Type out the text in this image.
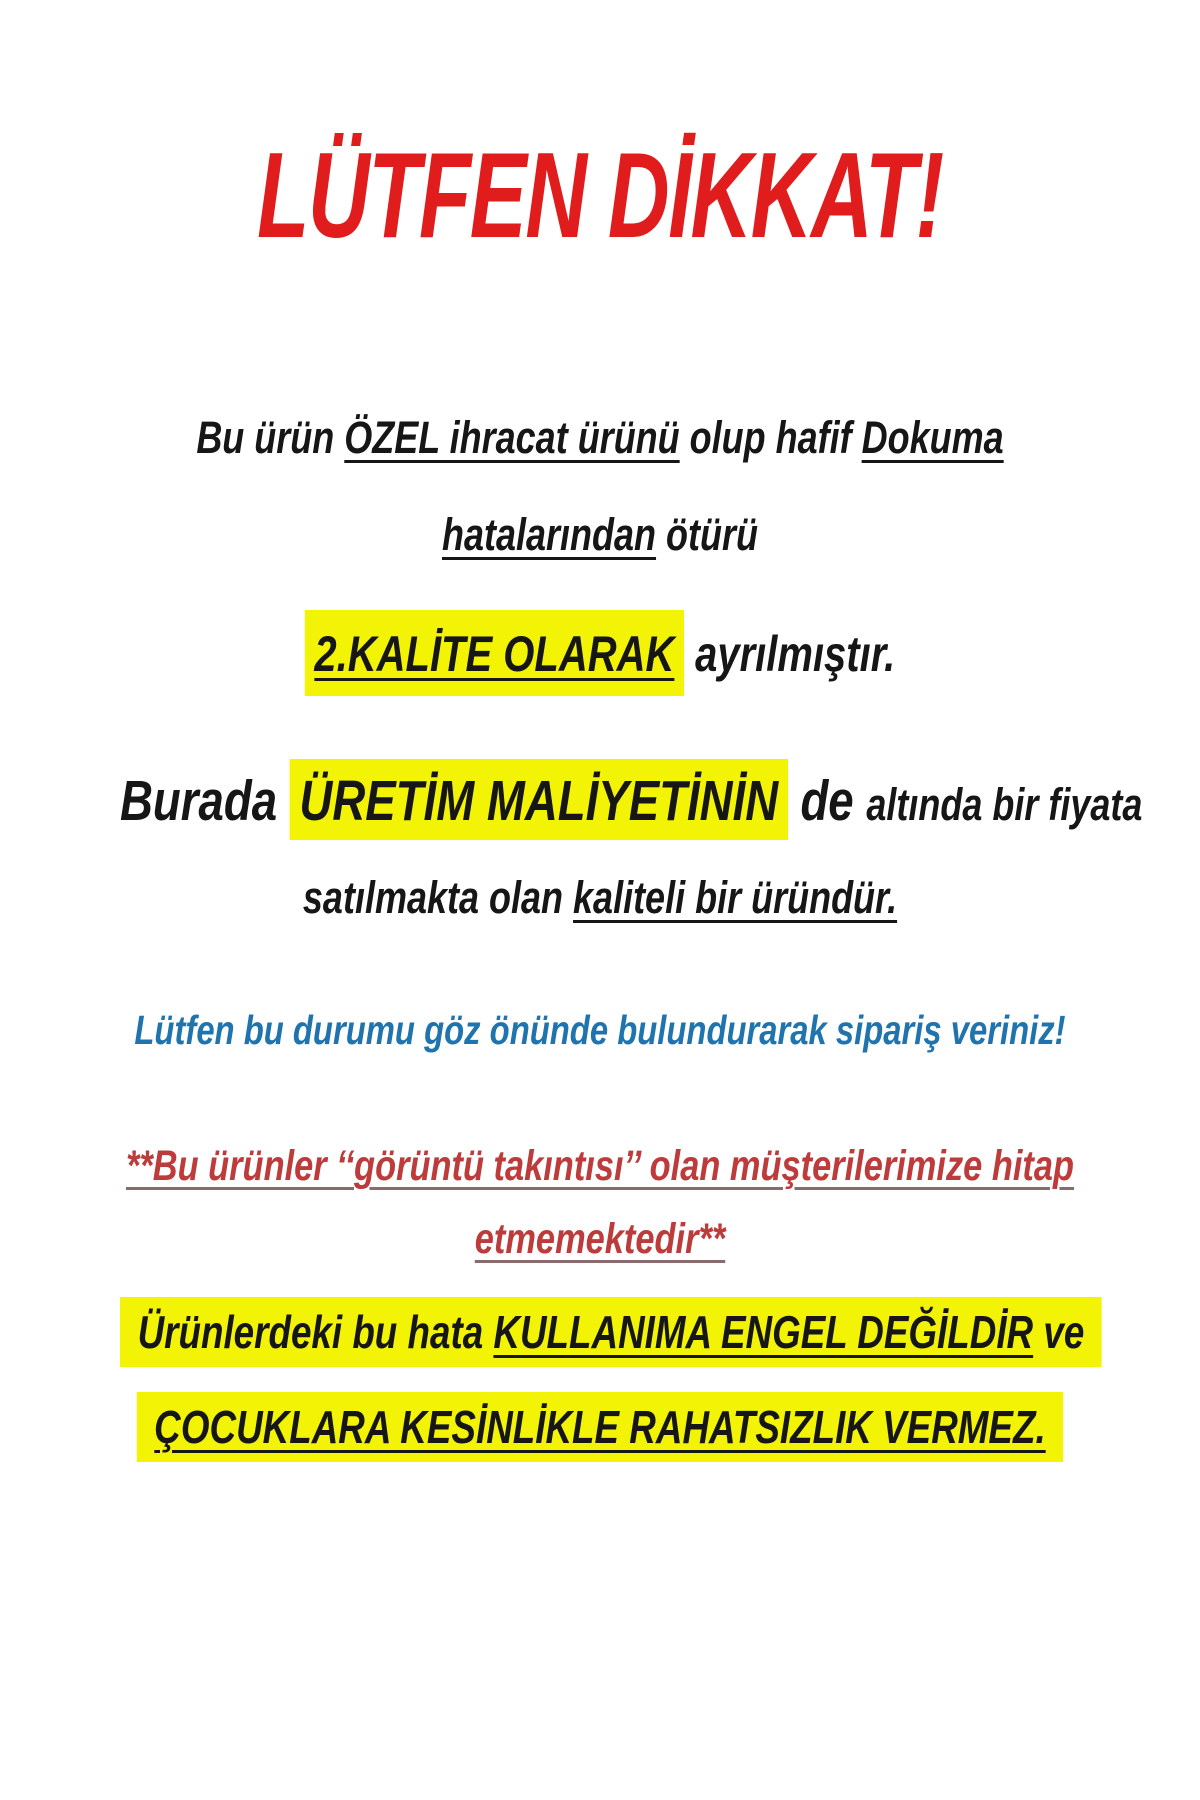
LÜTFEN DİKKAT!
Bu ürün ÖZEL ihracat ürünü olup hafif Dokuma
hatalarından ötürü
2.KALİTE OLARAK ayrılmıştır.
Burada ÜRETİM MALİYETİNİN de altında bir fiyata
satılmakta olan kaliteli bir üründür.
Lütfen bu durumu göz önünde bulundurarak sipariş veriniz!
**Bu ürünler ‘‘görüntü takıntısı’’ olan müşterilerimize hitap
etmemektedir**
Ürünlerdeki bu hata KULLANIMA ENGEL DEĞİLDİR ve
ÇOCUKLARA KESİNLİKLE RAHATSIZLIK VERMEZ.
